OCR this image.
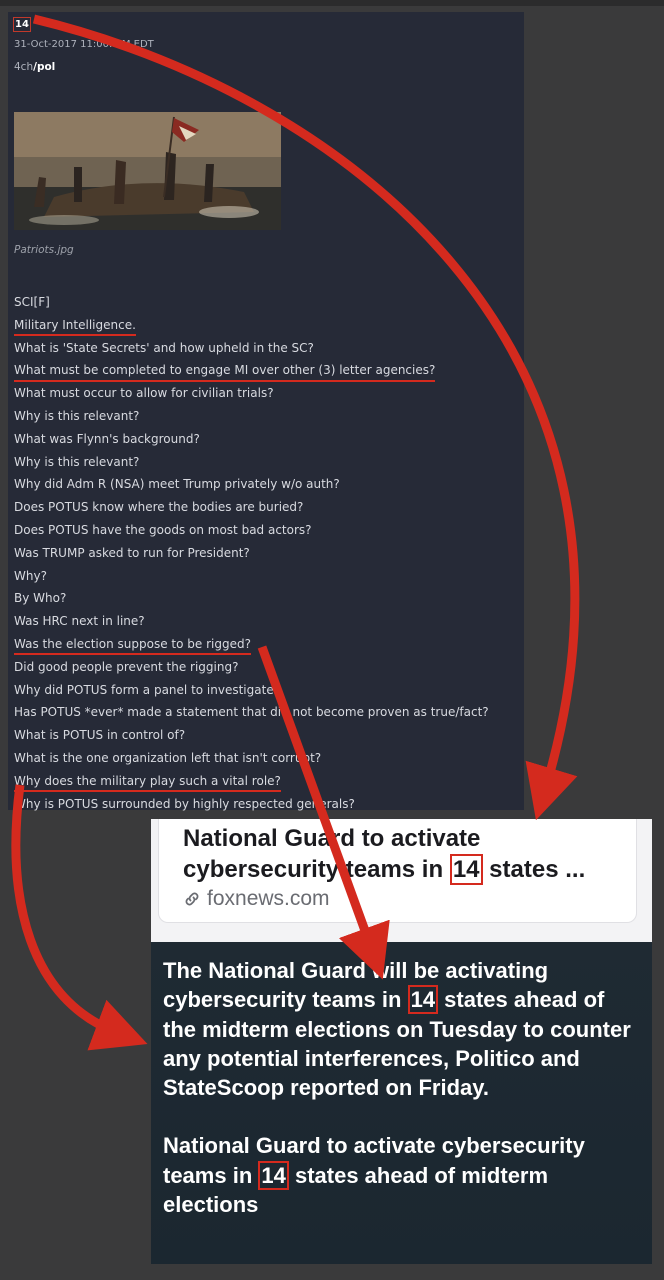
14
31-Oct-2017 11:00:...M EDT
4ch/pol
Patriots.jpg
SCI[F]
Military Intelligence.
What is 'State Secrets' and how upheld in the SC?
What must be completed to engage MI over other (3) letter agencies?
What must occur to allow for civilian trials?
Why is this relevant?
What was Flynn's background?
Why is this relevant?
Why did Adm R (NSA) meet Trump privately w/o auth?
Does POTUS know where the bodies are buried?
Does POTUS have the goods on most bad actors?
Was TRUMP asked to run for President?
Why?
By Who?
Was HRC next in line?
Was the election suppose to be rigged?
Did good people prevent the rigging?
Why did POTUS form a panel to investigate
Has POTUS *ever* made a statement that did not become proven as true/fact?
What is POTUS in control of?
What is the one organization left that isn't corrupt?
Why does the military play such a vital role?
Why is POTUS surrounded by highly respected generals?
National Guard to activate cybersecurity teams in 14 states ...
foxnews.com
The National Guard will be activating cybersecurity teams in 14 states ahead of the midterm elections on Tuesday to counter any potential interferences, Politico and StateScoop reported on Friday.
National Guard to activate cybersecurity teams in 14 states ahead of midterm elections
